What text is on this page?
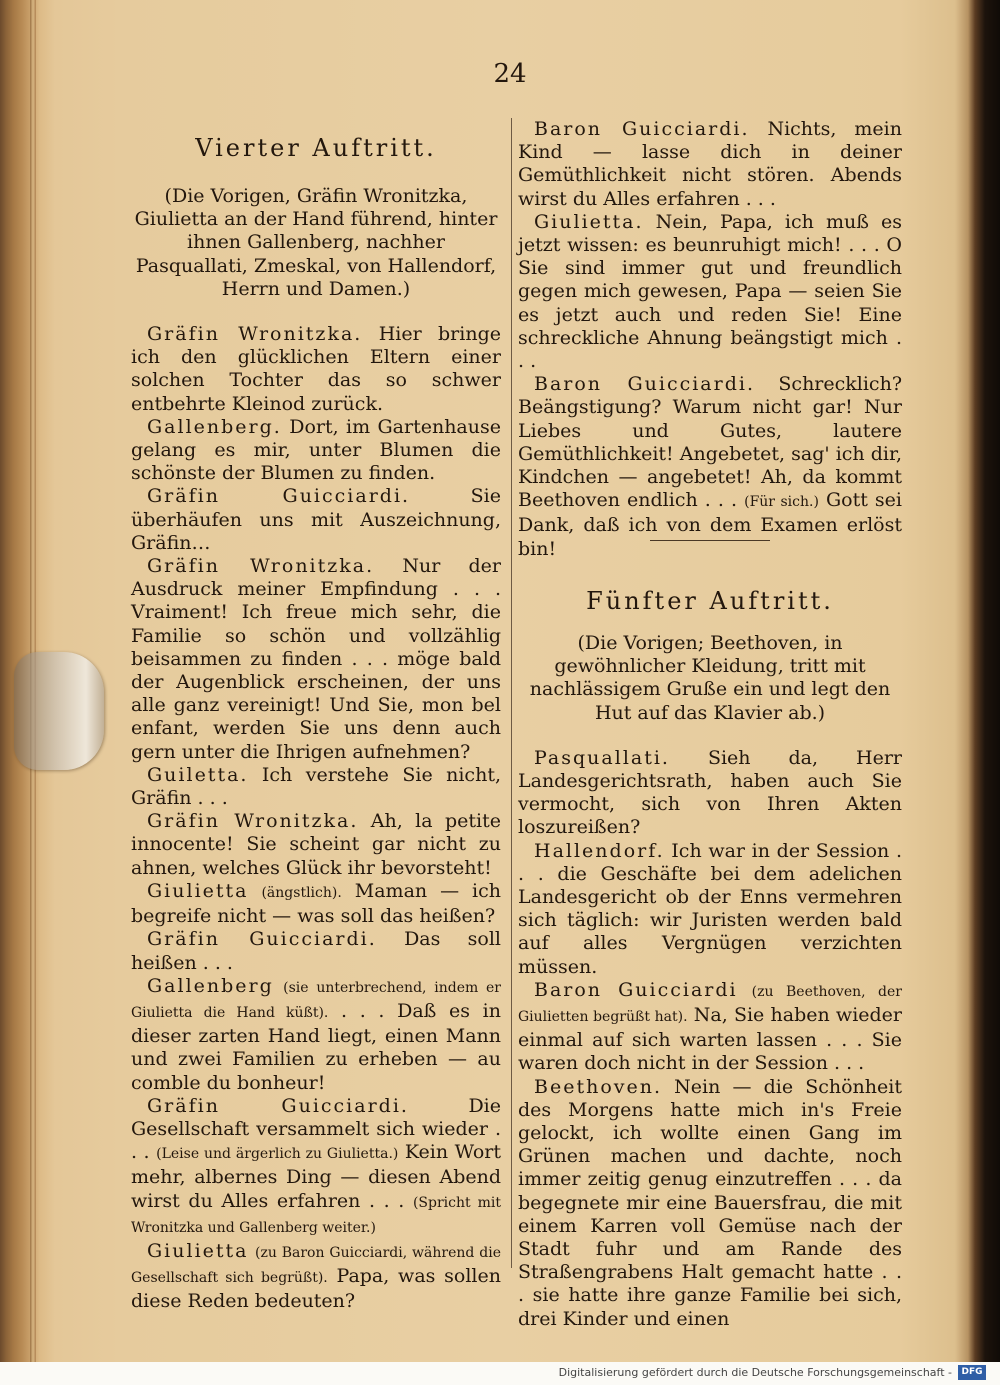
24
Vierter Auftritt.

(Die Vorigen, Gräfin Wronitzka, Giulietta an der Hand führend, hinter ihnen Gallenberg, nachher Pasquallati, Zmeskal, von Hallendorf, Herrn und Damen.)

Gräfin Wronitzka. Hier bringe ich den glücklichen Eltern einer solchen Tochter das so schwer entbehrte Kleinod zurück.

Gallenberg. Dort, im Gartenhause gelang es mir, unter Blumen die schönste der Blumen zu finden.

Gräfin Guicciardi.	Sie überhäufen uns mit Auszeichnung, Gräfin…

Gräfin Wronitzka. Nur der Ausdruck meiner Empfindung . . . Vraiment! Ich freue mich sehr, die Familie so schön und vollzählig beisammen zu finden . . . möge bald der Augenblick erscheinen, der uns alle ganz vereinigt! Und Sie, mon bel enfant, werden Sie uns denn auch gern unter die Ihrigen aufnehmen?

Guiletta. Ich verstehe Sie nicht, Gräfin . . .

Gräfin Wronitzka. Ah, la petite innocente! Sie scheint gar nicht zu ahnen, welches Glück ihr bevorsteht!

Giulietta (ängstlich). Maman — ich begreife nicht — was soll das heißen?

Gräfin Guicciardi. Das soll heißen . . .

Gallenberg (sie unterbrechend, indem er Giulietta die Hand küßt). . . . Daß es in dieser zarten Hand liegt, einen Mann und zwei Familien zu erheben — au comble du bonheur!

Gräfin Guicciardi.	Die Gesellschaft versammelt sich wieder . . . (Leise und ärgerlich zu Giulietta.) Kein Wort mehr, albernes Ding — diesen Abend wirst du Alles erfahren . . . (Spricht mit Wronitzka und Gallenberg weiter.)

Giulietta (zu Baron Guicciardi, während die Gesellschaft sich begrüßt). Papa, was sollen diese Reden bedeuten?

Baron Guicciardi. Nichts, mein Kind — lasse dich in deiner Gemüthlichkeit nicht stören. Abends wirst du Alles erfahren . . .

Giulietta. Nein, Papa, ich muß es jetzt wissen: es beunruhigt mich! . . . O Sie sind immer gut und freundlich gegen mich gewesen, Papa — seien Sie es jetzt auch und reden Sie! Eine schreckliche Ahnung beängstigt mich . . .

Baron Guicciardi. Schrecklich? Beängstigung? Warum nicht gar! Nur Liebes und Gutes, lautere Gemüthlichkeit! Angebetet, sag' ich dir, Kindchen — angebetet! Ah, da kommt Beethoven endlich . . . (Für sich.) Gott sei Dank, daß ich von dem Examen erlöst bin!

Fünfter Auftritt.

(Die Vorigen; Beethoven, in gewöhnlicher Kleidung, tritt mit nachlässigem Gruße ein und legt den Hut auf das Klavier ab.)

Pasquallati. Sieh da, Herr Landesgerichtsrath, haben auch Sie vermocht, sich von Ihren Akten loszureißen?

Hallendorf. Ich war in der Session . . . die Geschäfte bei dem adelichen Landesgericht ob der Enns vermehren sich täglich: wir Juristen werden bald auf alles Vergnügen verzichten müssen.

Baron Guicciardi (zu Beethoven, der Giulietten begrüßt hat). Na, Sie haben wieder einmal auf sich warten lassen . . . Sie waren doch nicht in der Session . . .

Beethoven. Nein — die Schönheit des Morgens hatte mich in's Freie gelockt, ich wollte einen Gang im Grünen machen und dachte, noch immer zeitig genug einzutreffen . . . da begegnete mir eine Bauersfrau, die mit einem Karren voll Gemüse nach der Stadt fuhr und am Rande des Straßengrabens Halt gemacht hatte . . . sie hatte ihre ganze Familie bei sich, drei Kinder und einen

Digitalisierung gefördert durch die Deutsche Forschungsgemeinschaft -	DFG
